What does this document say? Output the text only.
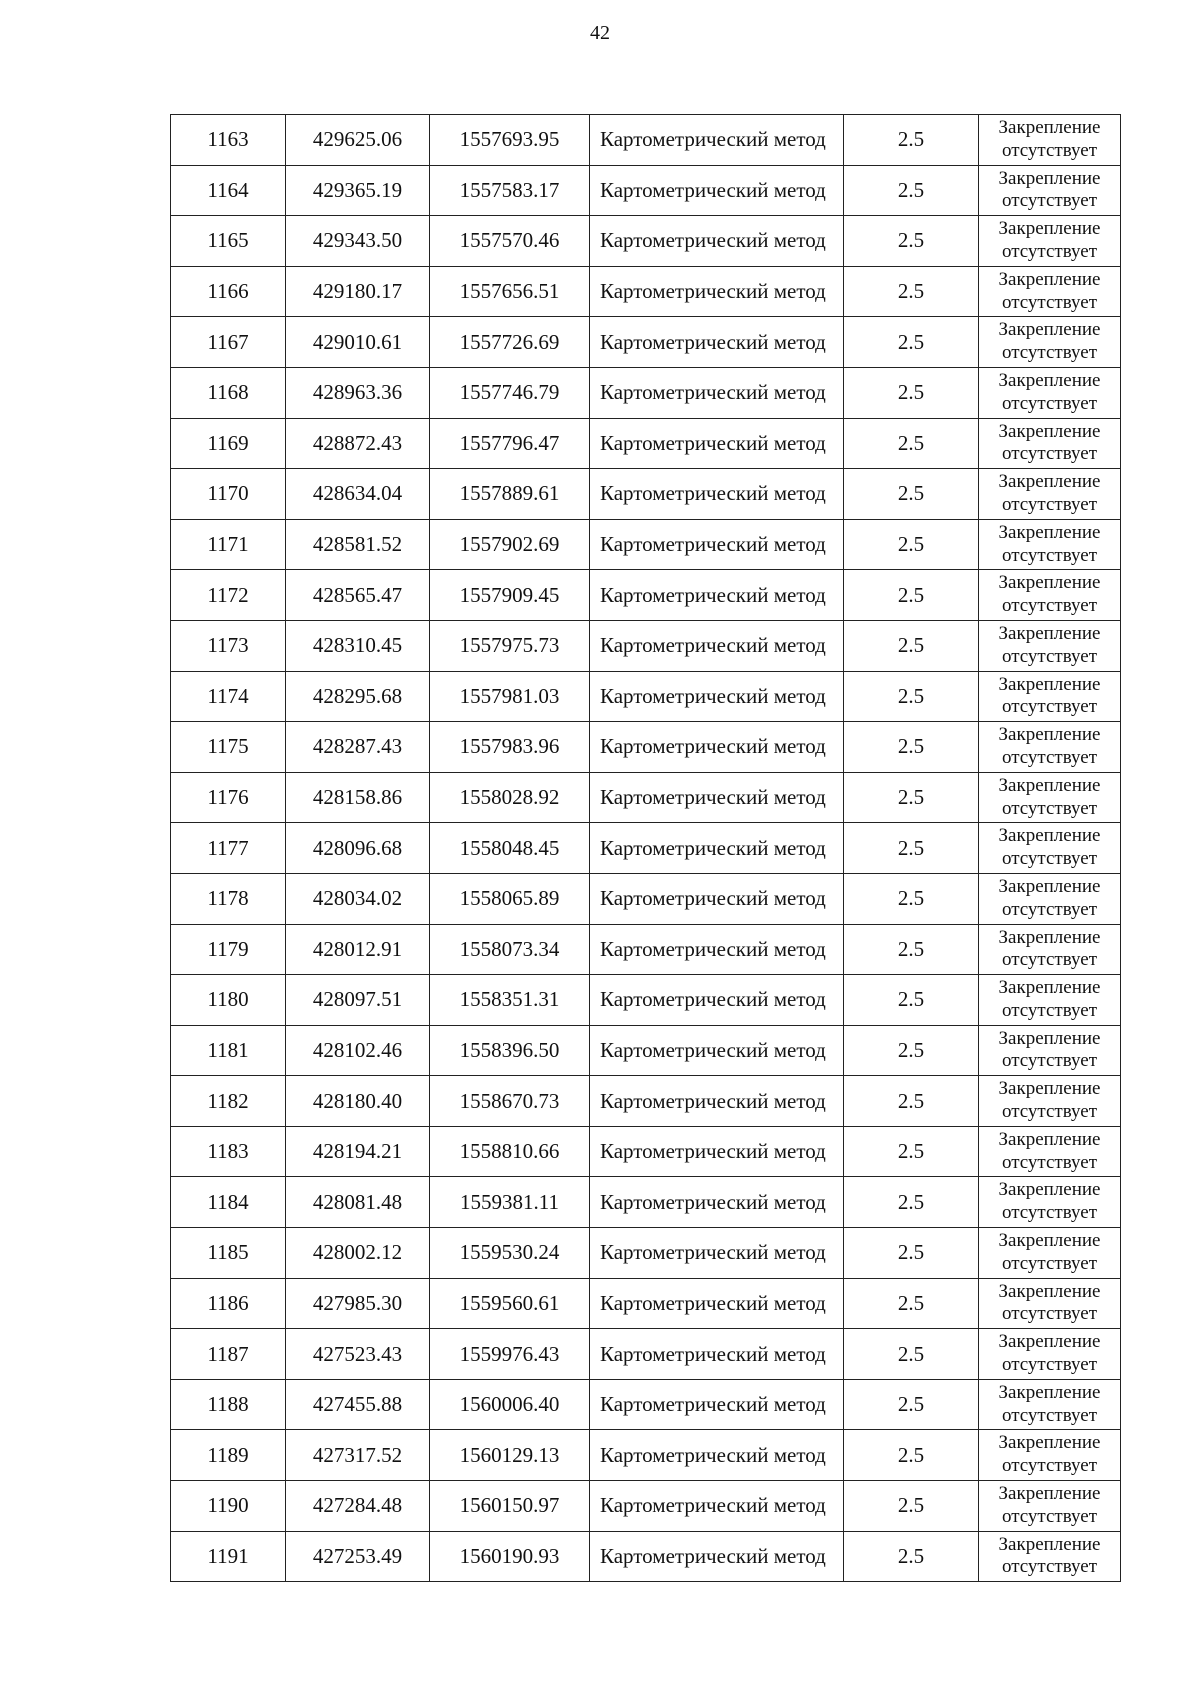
42
1163	429625.06	1557693.95	Картометрический метод	2.5	Закрепление отсутствует
1164	429365.19	1557583.17	Картометрический метод	2.5	Закрепление отсутствует
1165	429343.50	1557570.46	Картометрический метод	2.5	Закрепление отсутствует
1166	429180.17	1557656.51	Картометрический метод	2.5	Закрепление отсутствует
1167	429010.61	1557726.69	Картометрический метод	2.5	Закрепление отсутствует
1168	428963.36	1557746.79	Картометрический метод	2.5	Закрепление отсутствует
1169	428872.43	1557796.47	Картометрический метод	2.5	Закрепление отсутствует
1170	428634.04	1557889.61	Картометрический метод	2.5	Закрепление отсутствует
1171	428581.52	1557902.69	Картометрический метод	2.5	Закрепление отсутствует
1172	428565.47	1557909.45	Картометрический метод	2.5	Закрепление отсутствует
1173	428310.45	1557975.73	Картометрический метод	2.5	Закрепление отсутствует
1174	428295.68	1557981.03	Картометрический метод	2.5	Закрепление отсутствует
1175	428287.43	1557983.96	Картометрический метод	2.5	Закрепление отсутствует
1176	428158.86	1558028.92	Картометрический метод	2.5	Закрепление отсутствует
1177	428096.68	1558048.45	Картометрический метод	2.5	Закрепление отсутствует
1178	428034.02	1558065.89	Картометрический метод	2.5	Закрепление отсутствует
1179	428012.91	1558073.34	Картометрический метод	2.5	Закрепление отсутствует
1180	428097.51	1558351.31	Картометрический метод	2.5	Закрепление отсутствует
1181	428102.46	1558396.50	Картометрический метод	2.5	Закрепление отсутствует
1182	428180.40	1558670.73	Картометрический метод	2.5	Закрепление отсутствует
1183	428194.21	1558810.66	Картометрический метод	2.5	Закрепление отсутствует
1184	428081.48	1559381.11	Картометрический метод	2.5	Закрепление отсутствует
1185	428002.12	1559530.24	Картометрический метод	2.5	Закрепление отсутствует
1186	427985.30	1559560.61	Картометрический метод	2.5	Закрепление отсутствует
1187	427523.43	1559976.43	Картометрический метод	2.5	Закрепление отсутствует
1188	427455.88	1560006.40	Картометрический метод	2.5	Закрепление отсутствует
1189	427317.52	1560129.13	Картометрический метод	2.5	Закрепление отсутствует
1190	427284.48	1560150.97	Картометрический метод	2.5	Закрепление отсутствует
1191	427253.49	1560190.93	Картометрический метод	2.5	Закрепление отсутствует
